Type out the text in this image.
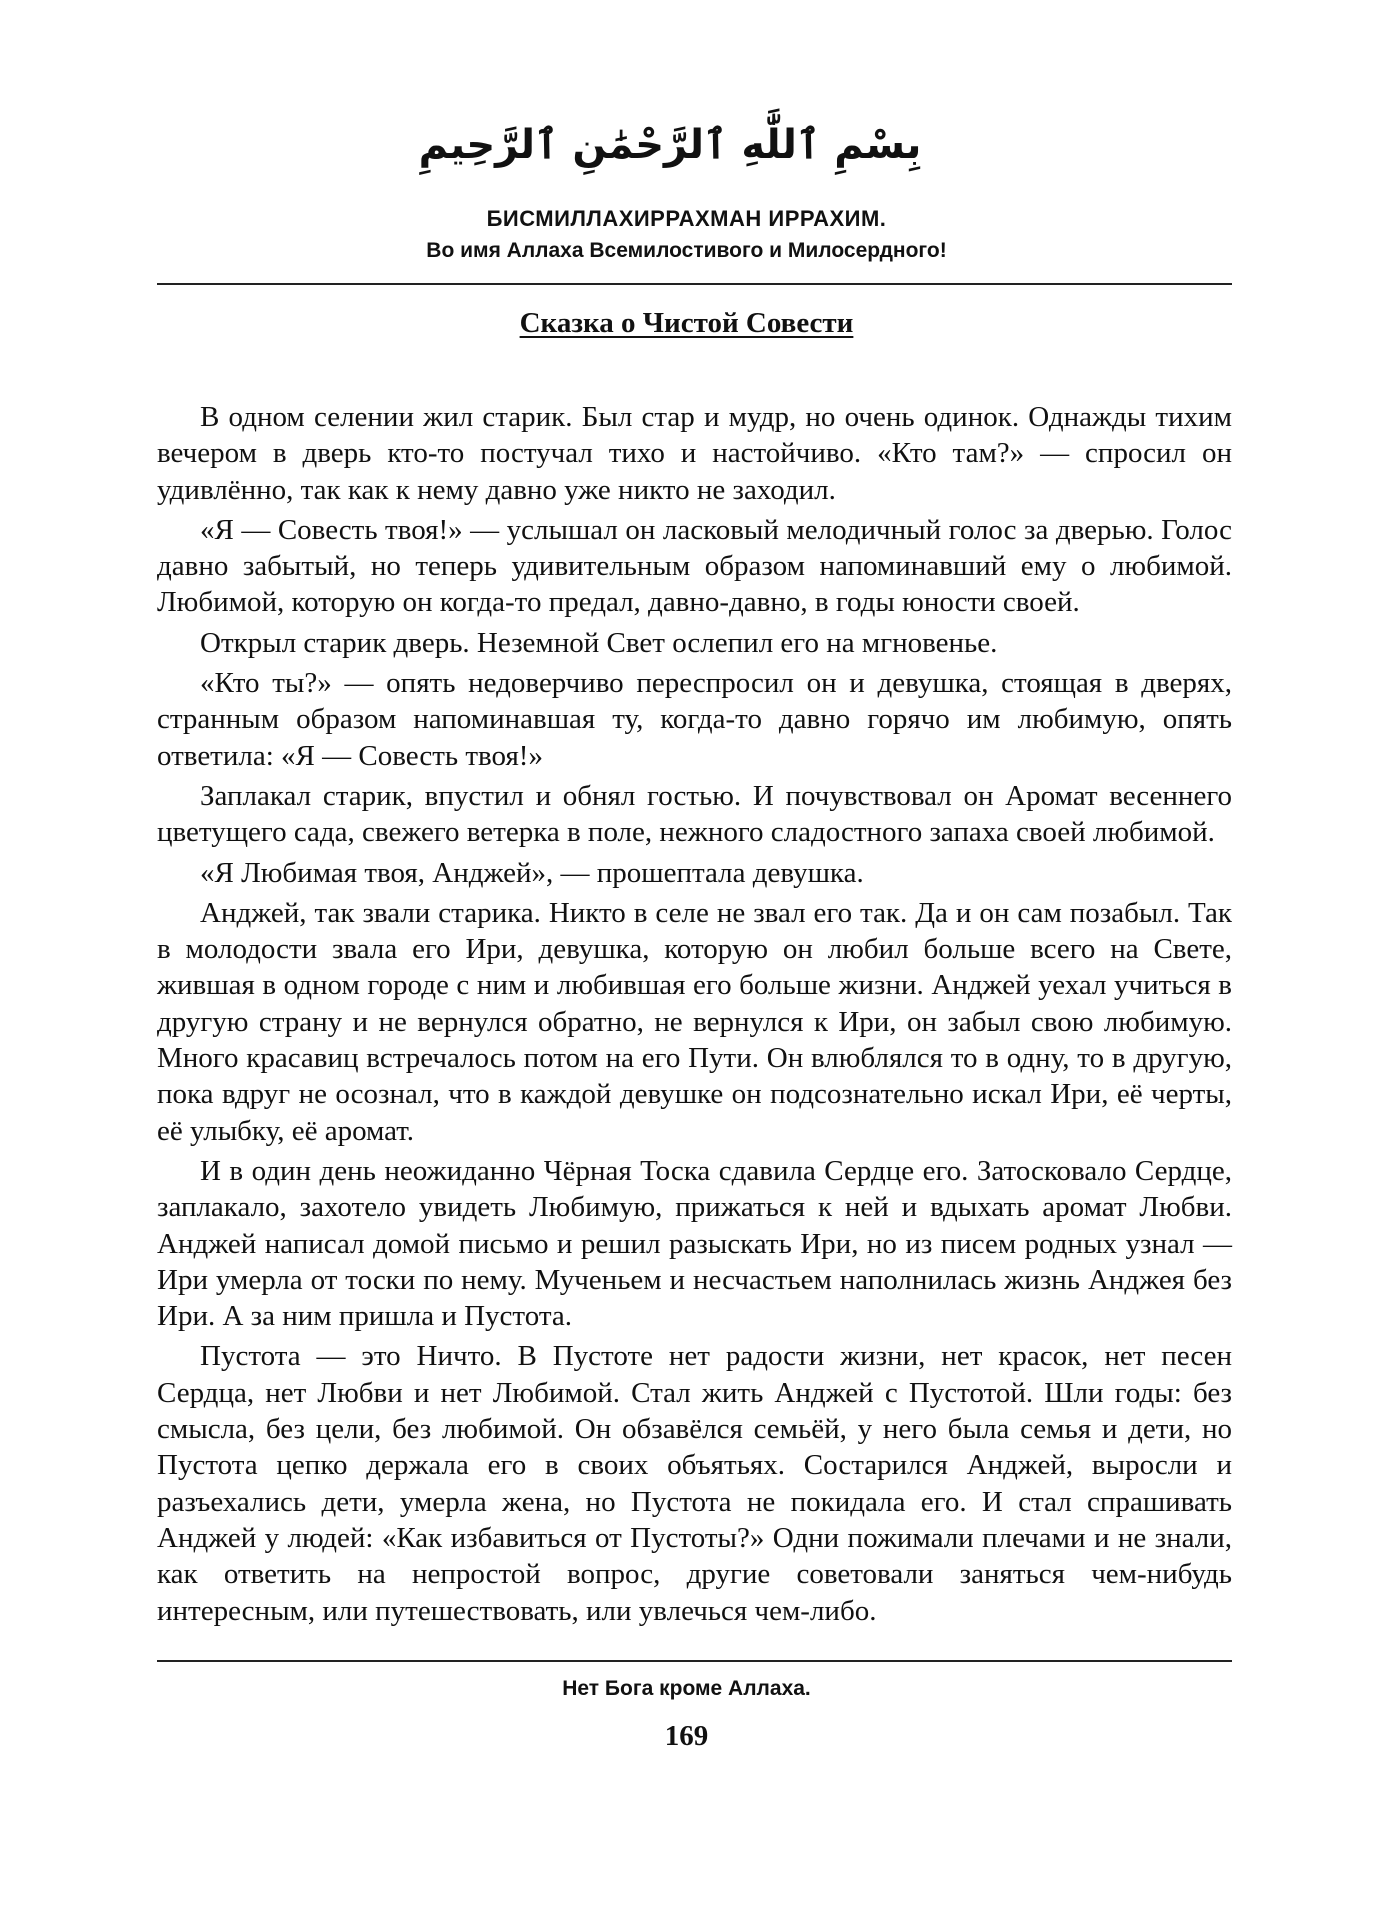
بِسْمِ ٱللَّٰهِ ٱلرَّحْمَٰنِ ٱلرَّحِيمِ
БИСМИЛЛАХИРРАХМАН ИРРАХИМ.
Во имя Аллаха Всемилостивого и Милосердного!
Сказка о Чистой Совести

В одном селении жил старик. Был стар и мудр, но очень одинок. Однажды тихим вечером в дверь кто-то постучал тихо и настойчиво. «Кто там?» — спросил он удивлённо, так как к нему давно уже никто не заходил.

«Я — Совесть твоя!» — услышал он ласковый мелодичный голос за дверью. Голос давно забытый, но теперь удивительным образом напоминавший ему о любимой. Любимой, которую он когда-то предал, давно-давно, в годы юности своей.

Открыл старик дверь. Неземной Свет ослепил его на мгновенье.

«Кто ты?» — опять недоверчиво переспросил он и девушка, стоящая в дверях, странным образом напоминавшая ту, когда-то давно горячо им любимую, опять ответила: «Я — Совесть твоя!»

Заплакал старик, впустил и обнял гостью. И почувствовал он Аромат весеннего цветущего сада, свежего ветерка в поле, нежного сладостного запаха своей любимой.

«Я Любимая твоя, Анджей», — прошептала девушка.

Анджей, так звали старика. Никто в селе не звал его так. Да и он сам позабыл. Так в молодости звала его Ири, девушка, которую он любил больше всего на Свете, жившая в одном городе с ним и любившая его больше жизни. Анджей уехал учиться в другую страну и не вернулся обратно, не вернулся к Ири, он забыл свою любимую. Много красавиц встречалось потом на его Пути. Он влюблялся то в одну, то в другую, пока вдруг не осознал, что в каждой девушке он подсознательно искал Ири, её черты, её улыбку, её аромат.

И в один день неожиданно Чёрная Тоска сдавила Сердце его. Затосковало Сердце, заплакало, захотело увидеть Любимую, прижаться к ней и вдыхать аромат Любви. Анджей написал домой письмо и решил разыскать Ири, но из писем родных узнал — Ири умерла от тоски по нему. Мученьем и несчастьем наполнилась жизнь Анджея без Ири. А за ним пришла и Пустота.

Пустота — это Ничто. В Пустоте нет радости жизни, нет красок, нет песен Сердца, нет Любви и нет Любимой. Стал жить Анджей с Пустотой. Шли годы: без смысла, без цели, без любимой. Он обзавёлся семьёй, у него была семья и дети, но Пустота цепко держала его в своих объятьях. Состарился Анджей, выросли и разъехались дети, умерла жена, но Пустота не покидала его. И стал спрашивать Анджей у людей: «Как избавиться от Пустоты?» Одни пожимали плечами и не знали, как ответить на непростой вопрос, другие советовали заняться чем-нибудь интересным, или путешествовать, или увлечься чем-либо.

Нет Бога кроме Аллаха.
169
